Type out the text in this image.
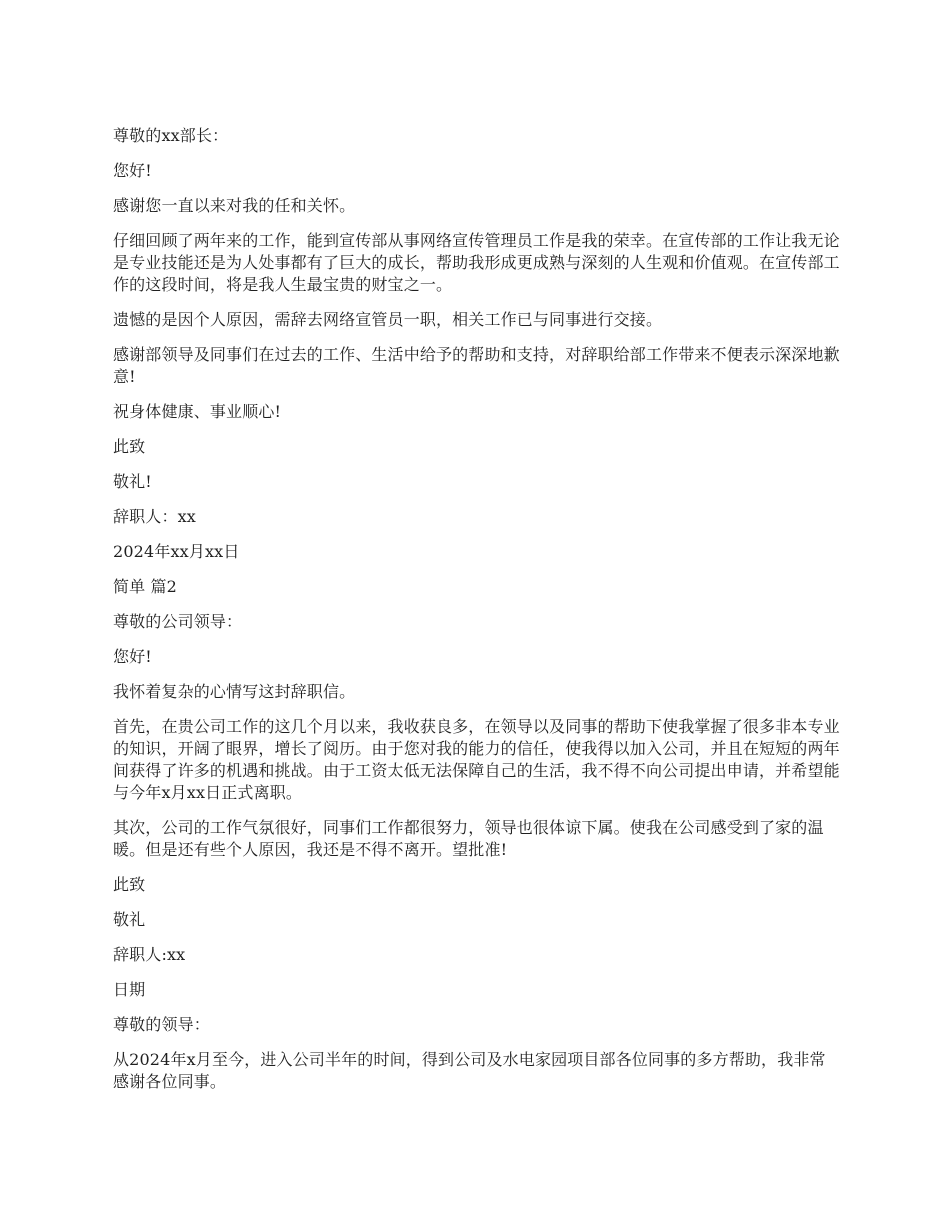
尊敬的xx部长：

您好!

感谢您一直以来对我的任和关怀。

仔细回顾了两年来的工作，能到宣传部从事网络宣传管理员工作是我的荣幸。在宣传部的工作让我无论是专业技能还是为人处事都有了巨大的成长，帮助我形成更成熟与深刻的人生观和价值观。在宣传部工作的这段时间，将是我人生最宝贵的财宝之一。

遗憾的是因个人原因，需辞去网络宣管员一职，相关工作已与同事进行交接。

感谢部领导及同事们在过去的工作、生活中给予的帮助和支持，对辞职给部工作带来不便表示深深地歉意!

祝身体健康、事业顺心!

此致

敬礼!

辞职人：xx

2024年xx月xx日

简单 篇2

尊敬的公司领导：

您好!

我怀着复杂的心情写这封辞职信。

首先，在贵公司工作的这几个月以来，我收获良多，在领导以及同事的帮助下使我掌握了很多非本专业的知识，开阔了眼界，增长了阅历。由于您对我的能力的信任，使我得以加入公司，并且在短短的两年间获得了许多的机遇和挑战。由于工资太低无法保障自己的生活，我不得不向公司提出申请，并希望能与今年x月xx日正式离职。

其次，公司的工作气氛很好，同事们工作都很努力，领导也很体谅下属。使我在公司感受到了家的温暖。但是还有些个人原因，我还是不得不离开。望批准!

此致

敬礼

辞职人:xx

日期

尊敬的领导：

从2024年x月至今，进入公司半年的时间，得到公司及水电家园项目部各位同事的多方帮助，我非常感谢各位同事。
